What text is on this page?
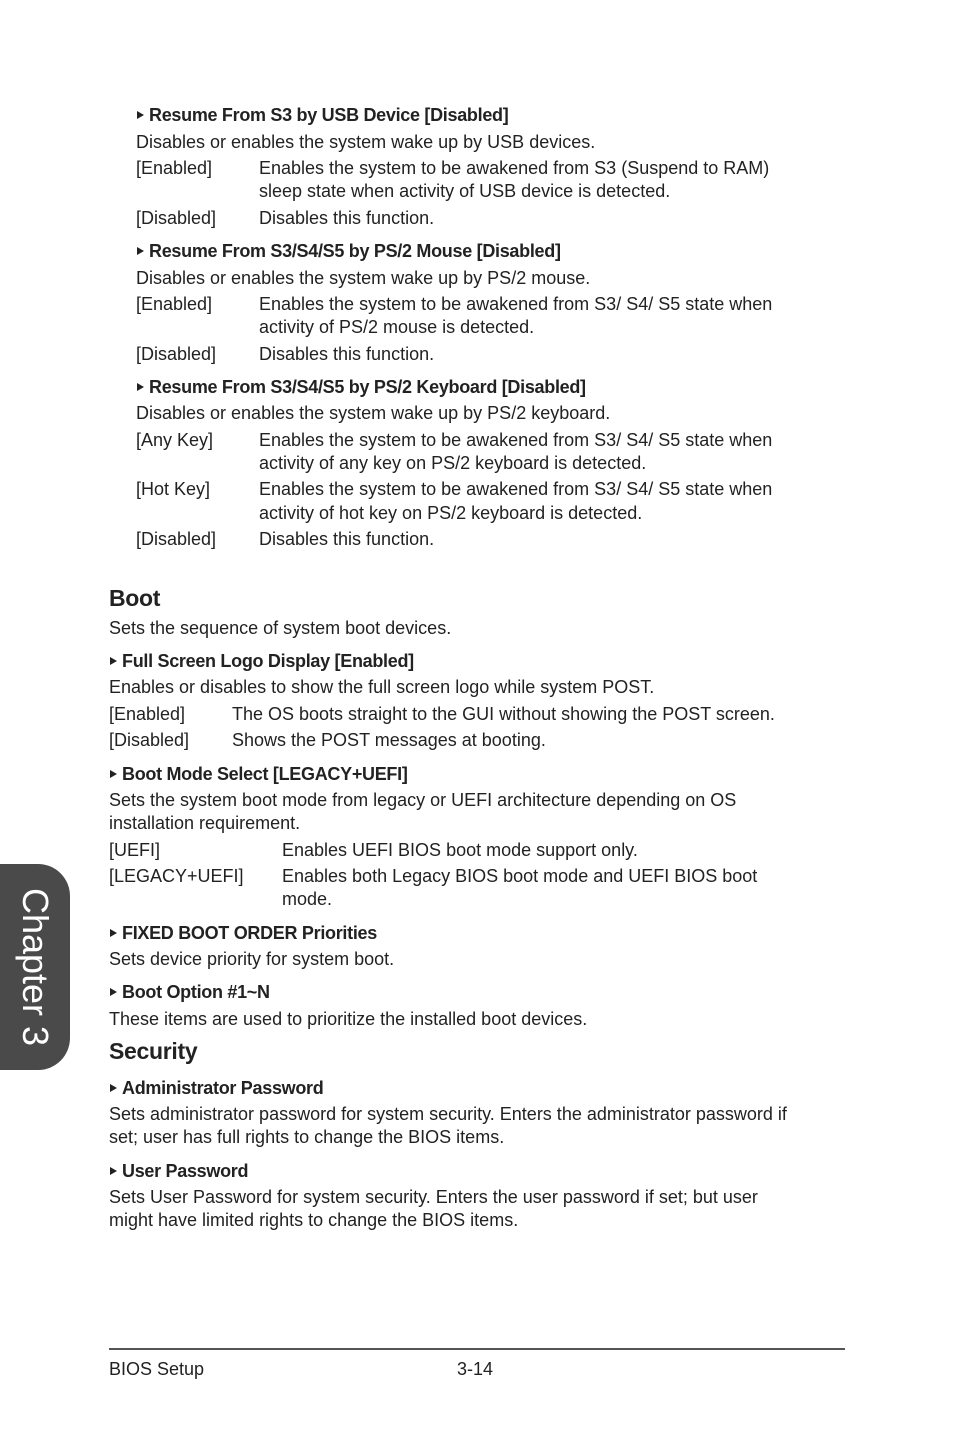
Resume From S3 by USB Device [Disabled]
Disables or enables the system wake up by USB devices.
[Enabled]	Enables the system to be awakened from S3 (Suspend to RAM)
sleep state when activity of USB device is detected.
[Disabled] Disables this function.
Resume From S3/S4/S5 by PS/2 Mouse [Disabled]
Disables or enables the system wake up by PS/2 mouse.
[Enabled]	Enables the system to be awakened from S3/ S4/ S5 state when
activity of PS/2 mouse is detected.
[Disabled] Disables this function.
Resume From S3/S4/S5 by PS/2 Keyboard [Disabled]
Disables or enables the system wake up by PS/2 keyboard.
[Any Key]	Enables the system to be awakened from S3/ S4/ S5 state when
activity of any key on PS/2 keyboard is detected.
[Hot Key]	Enables the system to be awakened from S3/ S4/ S5 state when
activity of hot key on PS/2 keyboard is detected.
[Disabled] Disables this function.
Boot
Sets the sequence of system boot devices.
Full Screen Logo Display [Enabled]
Enables or disables to show the full screen logo while system POST.
[Enabled]	The OS boots straight to the GUI without showing the POST screen.
[Disabled] Shows the POST messages at booting.
Boot Mode Select [LEGACY+UEFI]
Sets the system boot mode from legacy or UEFI architecture depending on OS
installation requirement.
[UEFI]	Enables UEFI BIOS boot mode support only.
[LEGACY+UEFI] Enables both Legacy BIOS boot mode and UEFI BIOS boot
mode.
FIXED BOOT ORDER Priorities
Sets device priority for system boot.
Boot Option #1~N
These items are used to prioritize the installed boot devices.
Security
Administrator Password
Sets administrator password for system security. Enters the administrator password if
set; user has full rights to change the BIOS items.
User Password
Sets User Password for system security. Enters the user password if set; but user
might have limited rights to change the BIOS items.
Chapter 3
BIOS Setup	3-14
